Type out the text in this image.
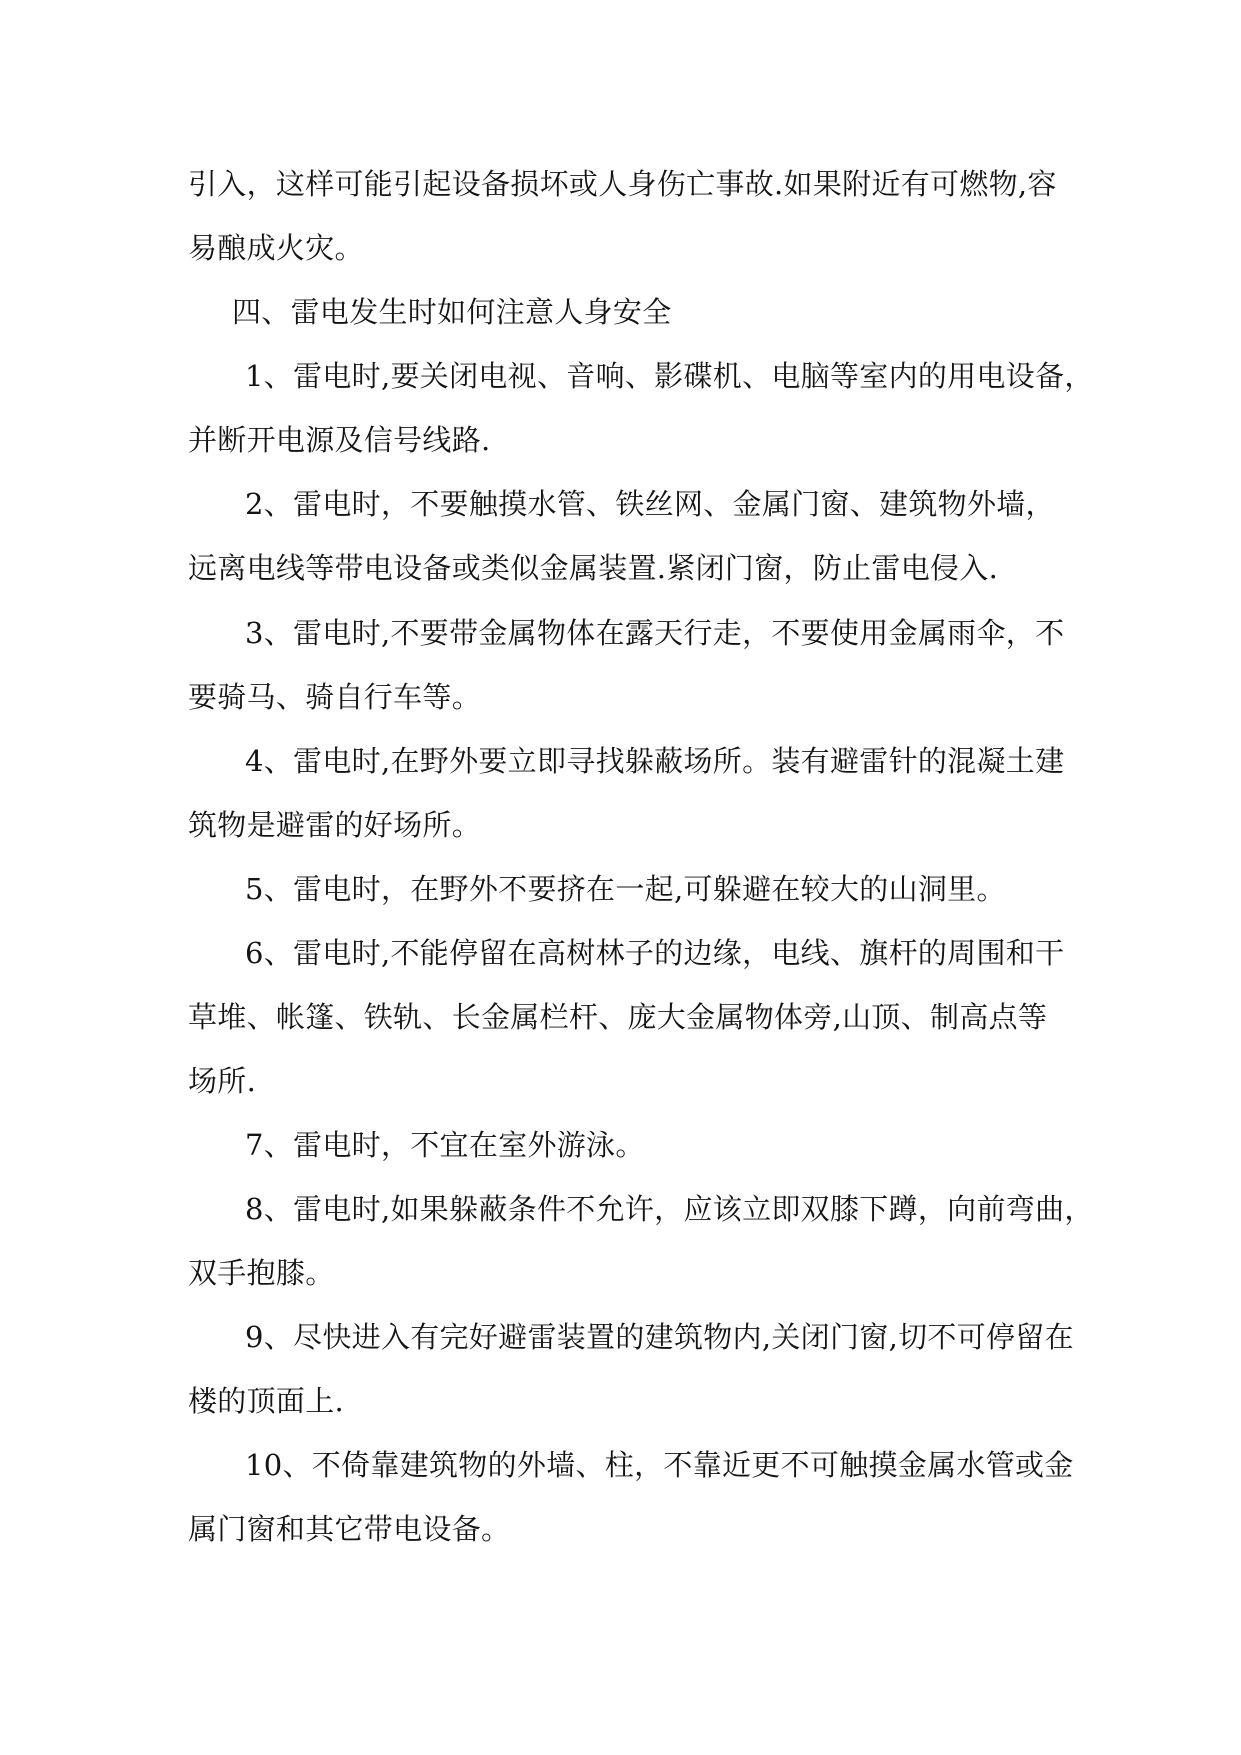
引入，这样可能引起设备损坏或人身伤亡事故.如果附近有可燃物,容
易酿成火灾。
四、雷电发生时如何注意人身安全
1、雷电时,要关闭电视、音响、影碟机、电脑等室内的用电设备，
并断开电源及信号线路.
2、雷电时，不要触摸水管、铁丝网、金属门窗、建筑物外墙，
远离电线等带电设备或类似金属装置.紧闭门窗，防止雷电侵入.
3、雷电时,不要带金属物体在露天行走，不要使用金属雨伞，不
要骑马、骑自行车等。
4、雷电时,在野外要立即寻找躲蔽场所。装有避雷针的混凝土建
筑物是避雷的好场所。
5、雷电时，在野外不要挤在一起,可躲避在较大的山洞里。
6、雷电时,不能停留在高树林子的边缘，电线、旗杆的周围和干
草堆、帐篷、铁轨、长金属栏杆、庞大金属物体旁,山顶、制高点等
场所.
7、雷电时，不宜在室外游泳。
8、雷电时,如果躲蔽条件不允许，应该立即双膝下蹲，向前弯曲，
双手抱膝。
9、尽快进入有完好避雷装置的建筑物内,关闭门窗,切不可停留在
楼的顶面上.
10、不倚靠建筑物的外墙、柱，不靠近更不可触摸金属水管或金
属门窗和其它带电设备。
